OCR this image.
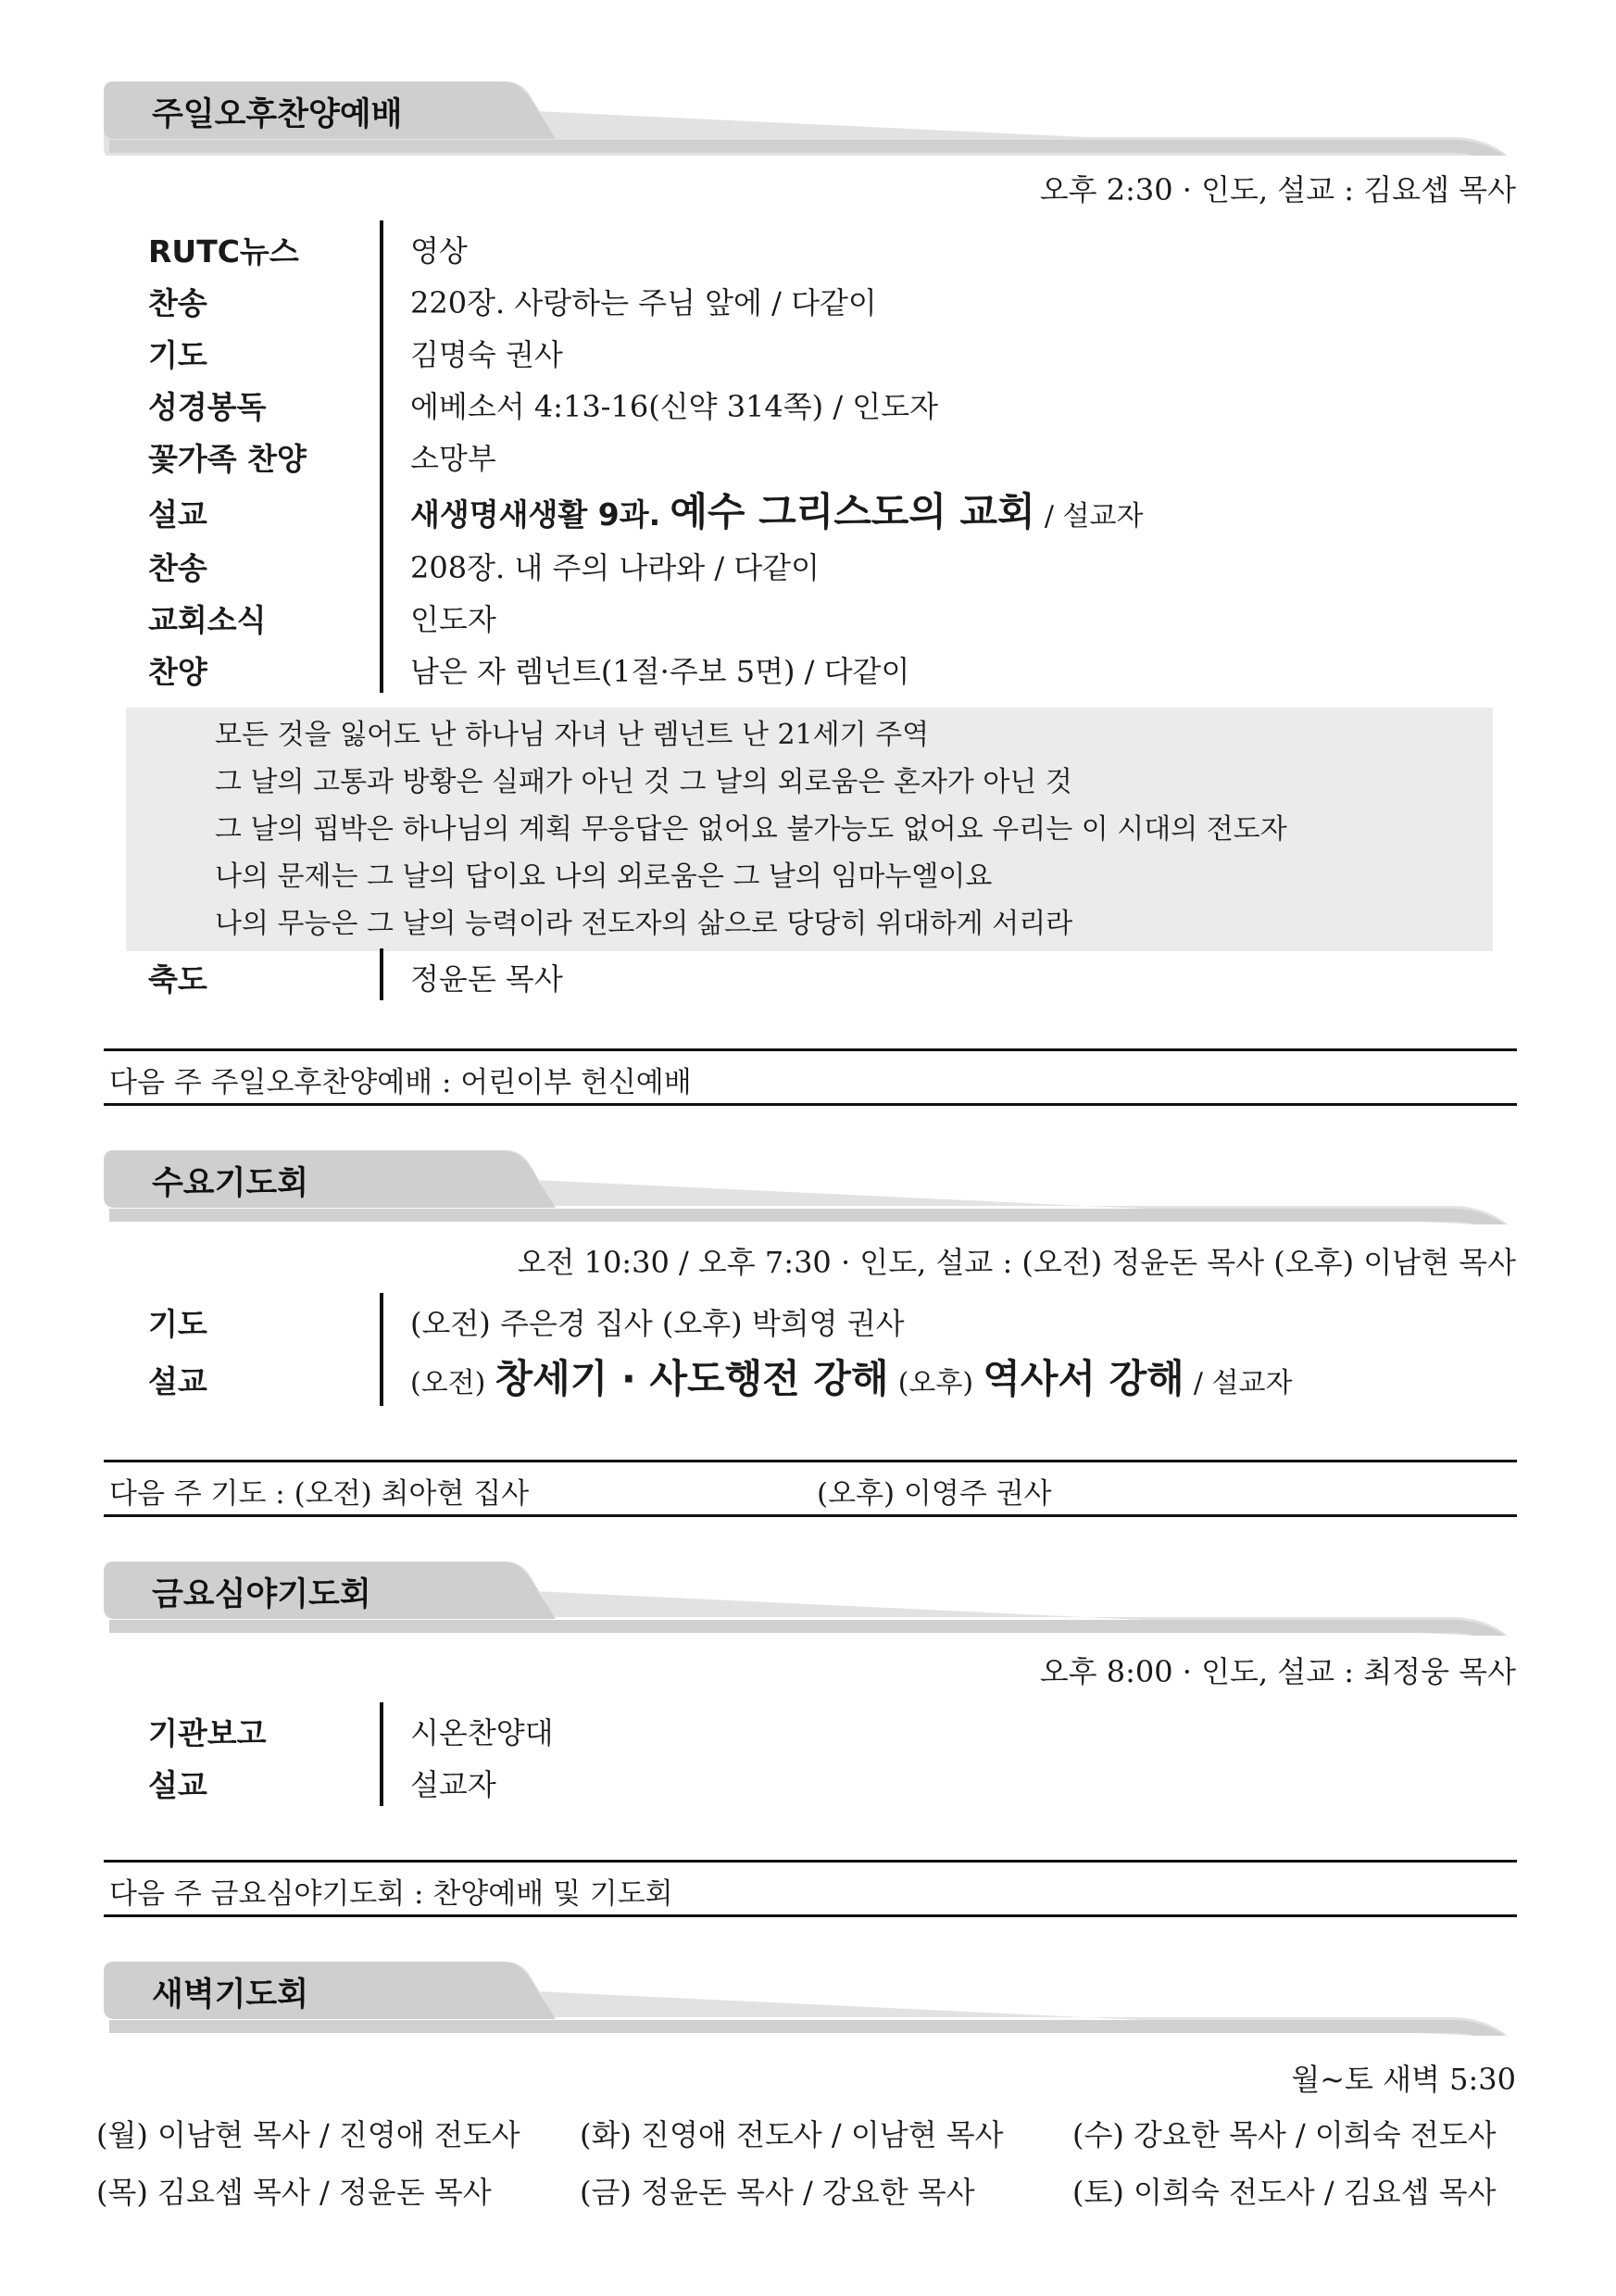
주일오후찬양예배
오후 2:30 · 인도, 설교 : 김요셉 목사
RUTC뉴스	영상
찬송	220장. 사랑하는 주님 앞에 / 다같이
기도	김명숙 권사
성경봉독	에베소서 4:13-16(신약 314쪽) / 인도자
꽃가족 찬양	소망부
설교	새생명새생활 9과. 예수 그리스도의 교회 / 설교자
찬송	208장. 내 주의 나라와 / 다같이
교회소식	인도자
찬양	남은 자 렘넌트(1절·주보 5면) / 다같이
모든 것을 잃어도 난 하나님 자녀 난 렘넌트 난 21세기 주역
그 날의 고통과 방황은 실패가 아닌 것 그 날의 외로움은 혼자가 아닌 것
그 날의 핍박은 하나님의 계획 무응답은 없어요 불가능도 없어요 우리는 이 시대의 전도자
나의 문제는 그 날의 답이요 나의 외로움은 그 날의 임마누엘이요
나의 무능은 그 날의 능력이라 전도자의 삶으로 당당히 위대하게 서리라
축도	정윤돈 목사
다음 주 주일오후찬양예배 : 어린이부 헌신예배
수요기도회
오전 10:30 / 오후 7:30 · 인도, 설교 : (오전) 정윤돈 목사 (오후) 이남현 목사
기도	(오전) 주은경 집사 (오후) 박희영 권사
설교	(오전) 창세기 · 사도행전 강해 (오후) 역사서 강해 / 설교자
다음 주 기도 : (오전) 최아현 집사	(오후) 이영주 권사
금요심야기도회
오후 8:00 · 인도, 설교 : 최정웅 목사
기관보고	시온찬양대
설교	설교자
다음 주 금요심야기도회 : 찬양예배 및 기도회
새벽기도회
월~토 새벽 5:30
(월) 이남현 목사 / 진영애 전도사 (화) 진영애 전도사 / 이남현 목사 (수) 강요한 목사 / 이희숙 전도사
(목) 김요셉 목사 / 정윤돈 목사	(금) 정윤돈 목사 / 강요한 목사	(토) 이희숙 전도사 / 김요셉 목사
